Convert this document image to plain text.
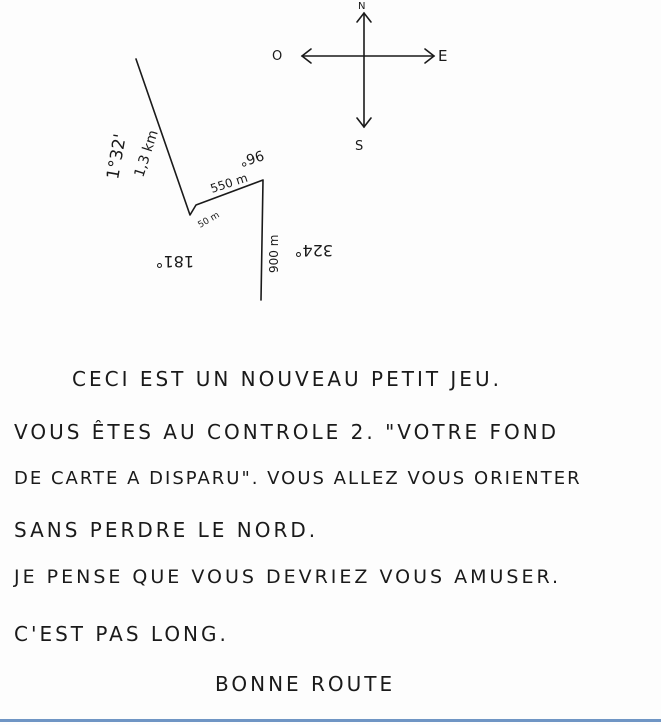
N
S
E
O
1,3 km
1°32'
50 m
181°
550 m
96°
900 m 324°
CECI EST UN NOUVEAU PETIT JEU.
VOUS ÊTES AU CONTROLE 2. "VOTRE FOND
DE CARTE A DISPARU". VOUS ALLEZ VOUS ORIENTER
SANS PERDRE LE NORD.
JE PENSE QUE VOUS DEVRIEZ VOUS AMUSER.
C'EST PAS LONG.
BONNE ROUTE
